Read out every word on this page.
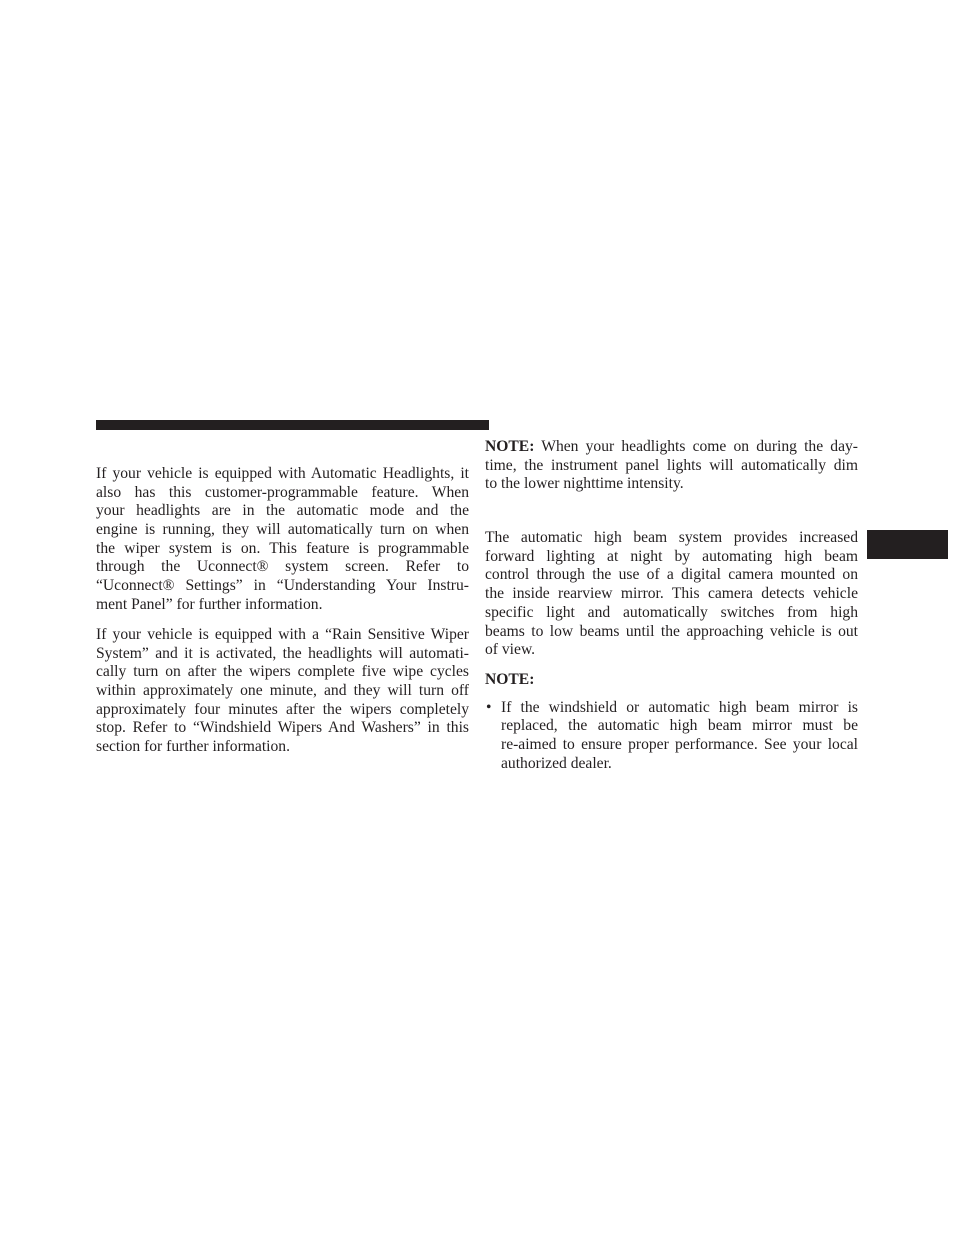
If your vehicle is equipped with Automatic Headlights, it
also has this customer-programmable feature. When
your headlights are in the automatic mode and the
engine is running, they will automatically turn on when
the wiper system is on. This feature is programmable
through the Uconnect® system screen. Refer to
“Uconnect® Settings” in “Understanding Your Instru-
ment Panel” for further information.
If your vehicle is equipped with a “Rain Sensitive Wiper
System” and it is activated, the headlights will automati-
cally turn on after the wipers complete five wipe cycles
within approximately one minute, and they will turn off
approximately four minutes after the wipers completely
stop. Refer to “Windshield Wipers And Washers” in this
section for further information.
NOTE: When your headlights come on during the day-
time, the instrument panel lights will automatically dim
to the lower nighttime intensity.
The automatic high beam system provides increased
forward lighting at night by automating high beam
control through the use of a digital camera mounted on
the inside rearview mirror. This camera detects vehicle
specific light and automatically switches from high
beams to low beams until the approaching vehicle is out
of view.
NOTE:
• If the windshield or automatic high beam mirror is
replaced, the automatic high beam mirror must be
re-aimed to ensure proper performance. See your local
authorized dealer.
